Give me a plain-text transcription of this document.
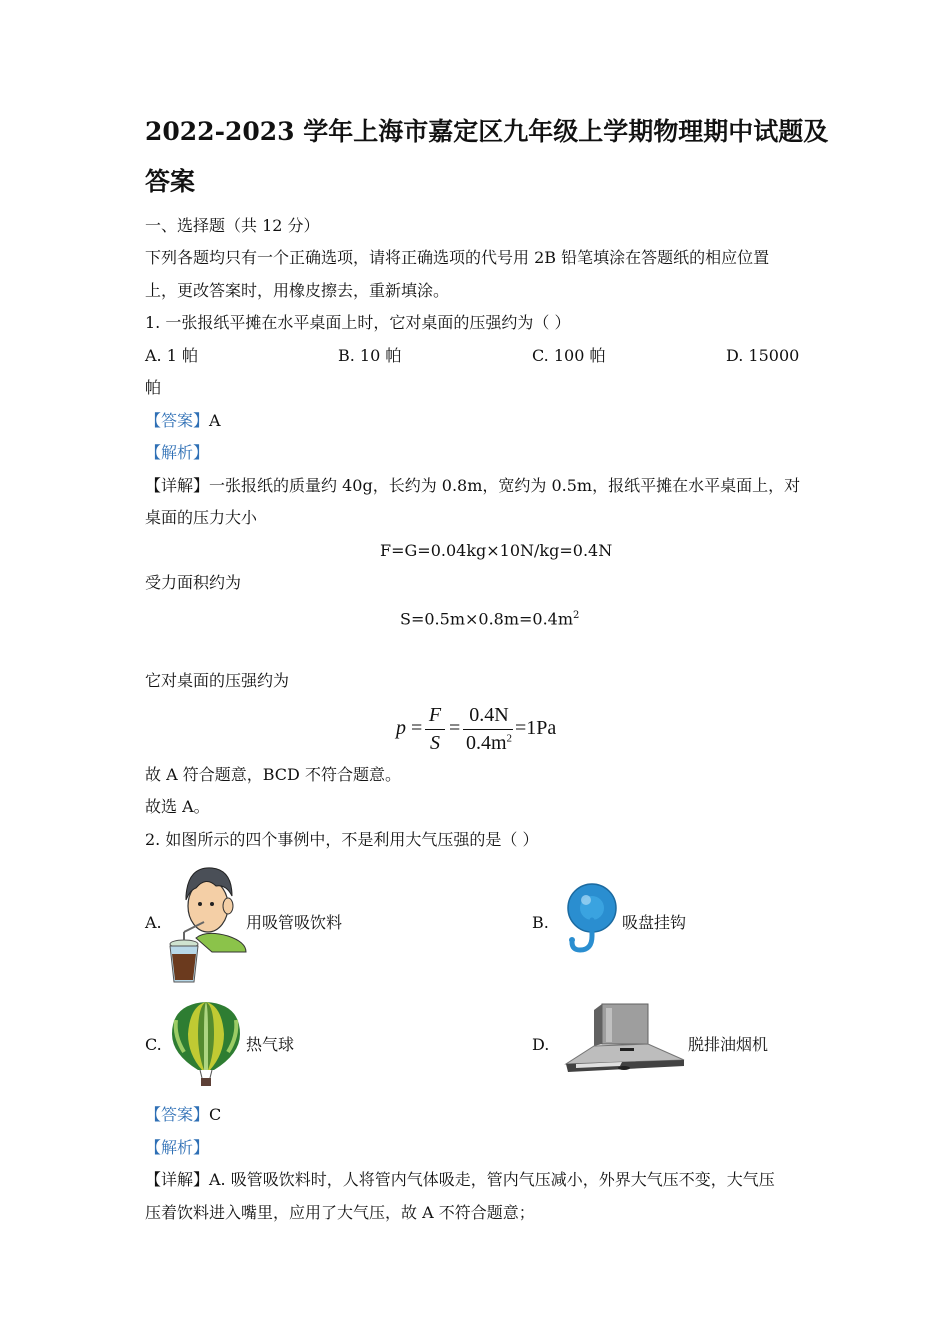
2022-2023 学年上海市嘉定区九年级上学期物理期中试题及
答案
一、选择题（共 12 分）
下列各题均只有一个正确选项，请将正确选项的代号用 2B 铅笔填涂在答题纸的相应位置
上，更改答案时，用橡皮擦去，重新填涂。
1. 一张报纸平摊在水平桌面上时，它对桌面的压强约为（ ）
A. 1 帕	B. 10 帕	C. 100 帕	D. 15000
帕
【答案】A
【解析】
【详解】一张报纸的质量约 40g，长约为 0.8m，宽约为 0.5m，报纸平摊在水平桌面上，对
桌面的压力大小
F=G=0.04kg×10N/kg=0.4N
受力面积约为
$S=0.5m\times 0.8m=0.4m^2$
它对桌面的压强约为
p =
F
S
=
0.4N
$0.4m^2 =1Pa$
故 A 符合题意，BCD 不符合题意。
故选 A。
2. 如图所示的四个事例中，不是利用大气压强的是（ ）
A.	用吸管吸饮料	B.	吸盘挂钩
C.	热气球	D.	脱排油烟机
【答案】C
【解析】
【详解】A. 吸管吸饮料时，人将管内气体吸走，管内气压减小，外界大气压不变，大气压
压着饮料进入嘴里，应用了大气压，故 A 不符合题意；
